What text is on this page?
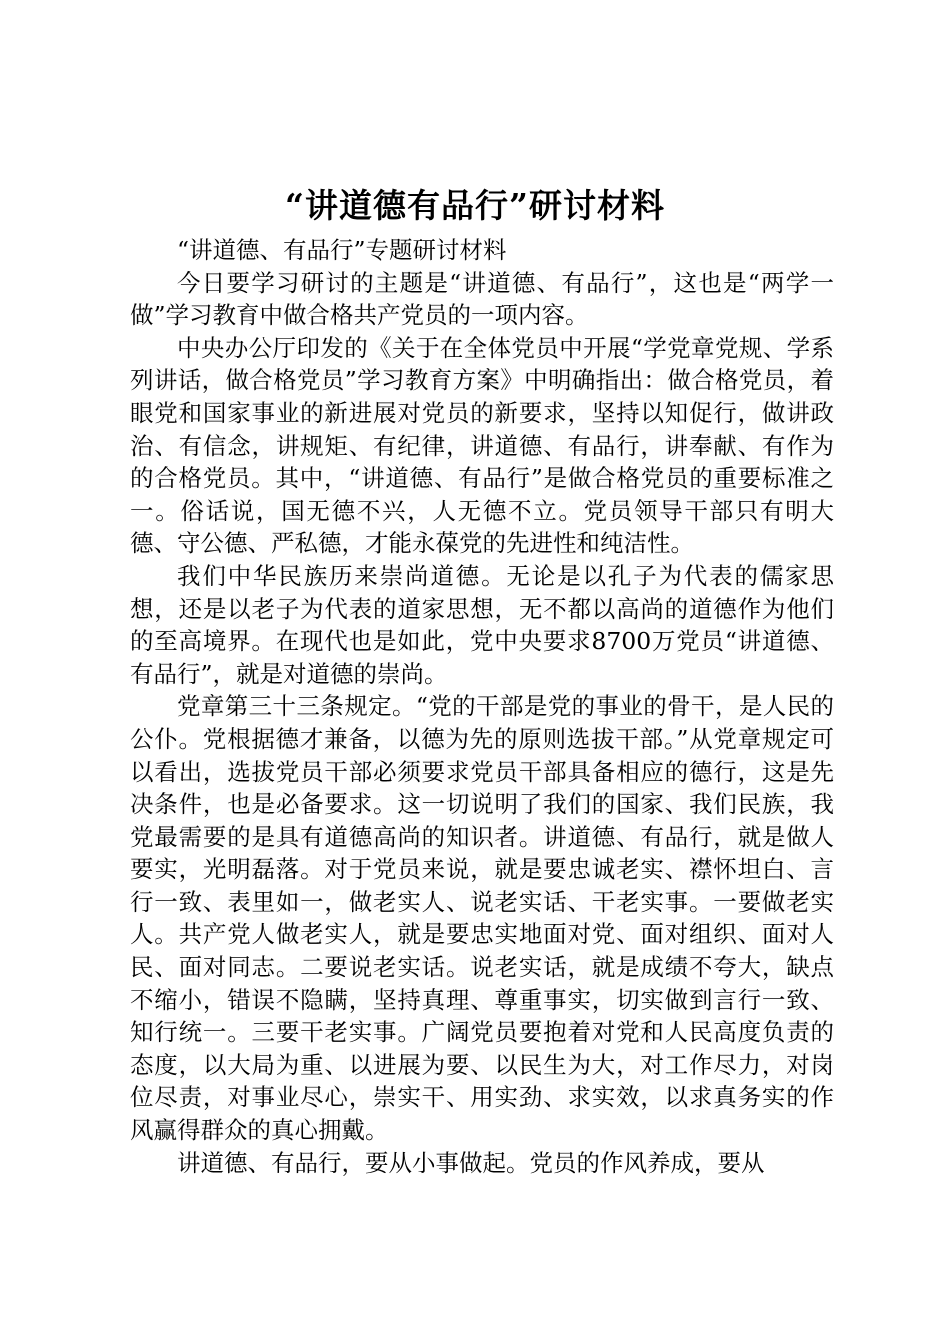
“讲道德有品行”研讨材料

“讲道德、有品行”专题研讨材料

今日要学习研讨的主题是“讲道德、有品行”，这也是“两学一做”学习教育中做合格共产党员的一项内容。

中央办公厅印发的《关于在全体党员中开展“学党章党规、学系列讲话，做合格党员”学习教育方案》中明确指出：做合格党员，着眼党和国家事业的新进展对党员的新要求，坚持以知促行，做讲政治、有信念，讲规矩、有纪律，讲道德、有品行，讲奉献、有作为的合格党员。其中，“讲道德、有品行”是做合格党员的重要标准之一。俗话说，国无德不兴，人无德不立。党员领导干部只有明大德、守公德、严私德，才能永葆党的先进性和纯洁性。

我们中华民族历来崇尚道德。无论是以孔子为代表的儒家思想，还是以老子为代表的道家思想，无不都以高尚的道德作为他们的至高境界。在现代也是如此，党中央要求8700万党员“讲道德、有品行”，就是对道德的崇尚。

党章第三十三条规定。“党的干部是党的事业的骨干，是人民的公仆。党根据德才兼备，以德为先的原则选拔干部。”从党章规定可以看出，选拔党员干部必须要求党员干部具备相应的德行，这是先决条件，也是必备要求。这一切说明了我们的国家、我们民族，我党最需要的是具有道德高尚的知识者。讲道德、有品行，就是做人要实，光明磊落。对于党员来说，就是要忠诚老实、襟怀坦白、言行一致、表里如一，做老实人、说老实话、干老实事。一要做老实人。共产党人做老实人，就是要忠实地面对党、面对组织、面对人民、面对同志。二要说老实话。说老实话，就是成绩不夸大，缺点不缩小，错误不隐瞒，坚持真理、尊重事实，切实做到言行一致、知行统一。三要干老实事。广阔党员要抱着对党和人民高度负责的态度，以大局为重、以进展为要、以民生为大，对工作尽力，对岗位尽责，对事业尽心，崇实干、用实劲、求实效，以求真务实的作风赢得群众的真心拥戴。

讲道德、有品行，要从小事做起。党员的作风养成，要从
